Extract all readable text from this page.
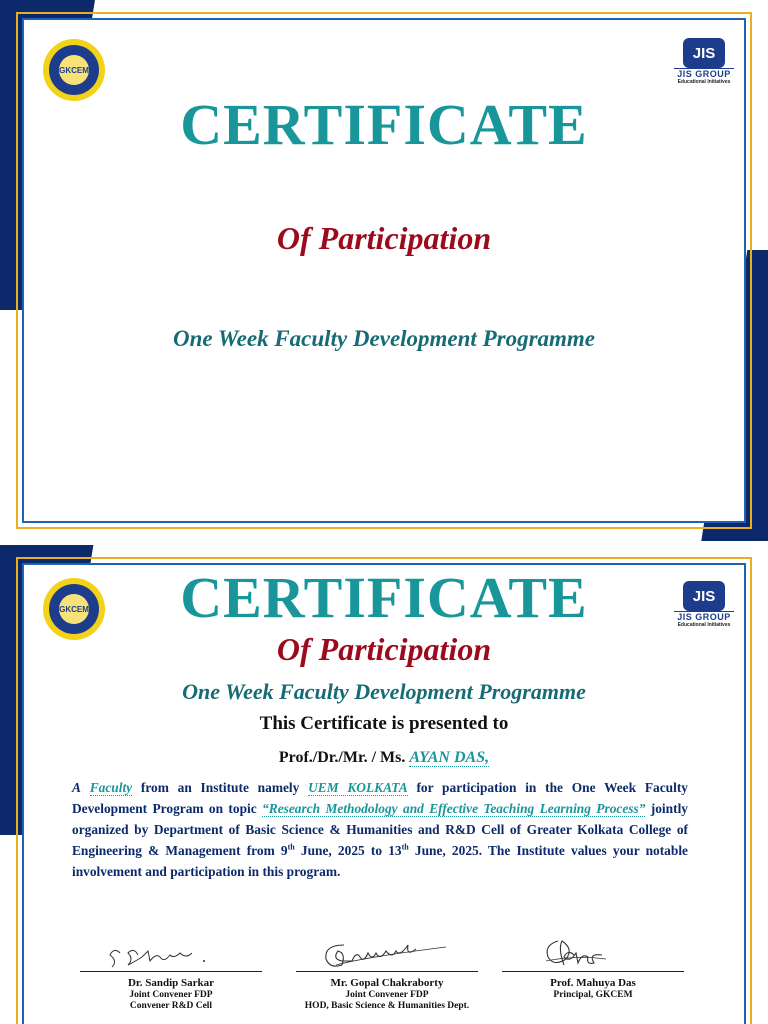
GKCEM
JIS
JIS GROUP
Educational Initiatives
CERTIFICATE
Of Participation
One Week Faculty Development Programme
GKCEM
JIS
JIS GROUP
Educational Initiatives
CERTIFICATE
Of Participation
One Week Faculty Development Programme
This Certificate is presented to
Prof./Dr./Mr. / Ms. AYAN DAS,
A Faculty from an Institute namely UEM KOLKATA for participation in the One Week Faculty Development Program on topic “Research Methodology and Effective Teaching Learning Process” jointly organized by Department of Basic Science & Humanities and R&D Cell of Greater Kolkata College of Engineering & Management from 9th June, 2025 to 13th June, 2025. The Institute values your notable involvement and participation in this program.
Dr. Sandip Sarkar
Joint Convener FDP
Convener R&D Cell
Mr. Gopal Chakraborty
Joint Convener FDP
HOD, Basic Science & Humanities Dept.
Prof. Mahuya Das
Principal, GKCEM
